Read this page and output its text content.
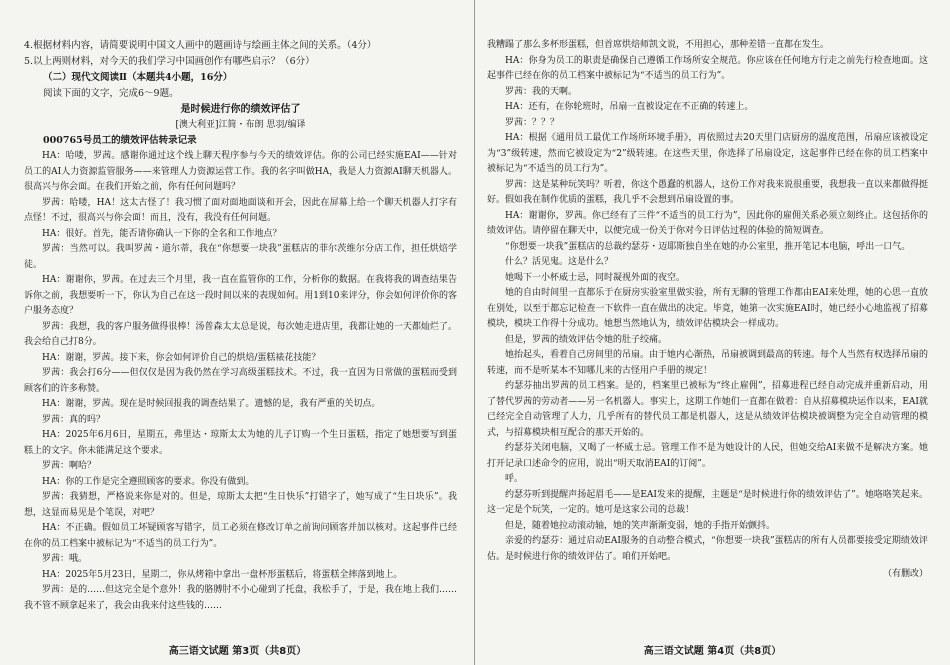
4.根据材料内容，请简要说明中国文人画中的题画诗与绘画主体之间的关系。（4分）

5.以上两则材料，对今天的我们学习中国画创作有哪些启示？（6分）

（二）现代文阅读Ⅱ（本题共4小题，16分）

阅读下面的文字，完成6～9题。

是时候进行你的绩效评估了

[澳大利亚]江简・布朗 思羽/编译

000765号员工的绩效评估转录记录

HA：哈喽，罗茜。感谢你通过这个线上聊天程序参与今天的绩效评估。你的公司已经实施EAI——针对员工的AI人力资源监管服务——来管理人力资源运营工作。我的名字叫做HA，我是人力资源AI聊天机器人。很高兴与你会面。在我们开始之前，你有任何问题吗？

罗茜：哈喽，HA！这太古怪了！我习惯了面对面地面谈和开会，因此在屏幕上给一个聊天机器人打字有点怪！不过，很高兴与你会面！而且，没有，我没有任何问题。

HA：很好。首先，能否请你确认一下你的全名和工作地点？

罗茜：当然可以。我叫罗茜・道尔蒂，我在“你想要一块我”蛋糕店的菲尔茨维尔分店工作，担任烘焙学徒。

HA：谢谢你，罗茜。在过去三个月里，我一直在监管你的工作，分析你的数据。在我将我的调查结果告诉你之前，我想要听一下，你认为自己在这一段时间以来的表现如何。用1到10来评分，你会如何评价你的客户服务态度？

罗茜：我想，我的客户服务做得很棒！汤普森太太总是说，每次她走进店里，我都让她的一天都灿烂了。我会给自己打8分。

HA：谢谢，罗茜。接下来，你会如何评价自己的烘焙/蛋糕裱花技能？

罗茜：我会打6分——但仅仅是因为我仍然在学习高级蛋糕技术。不过，我一直因为日常做的蛋糕而受到顾客们的许多称赞。

HA：谢谢，罗茜。现在是时候回报我的调查结果了。遗憾的是，我有严重的关切点。

罗茜：真的吗？

HA：2025年6月6日，星期五，弗里达・琼斯太太为她的儿子订购一个生日蛋糕，指定了她想要写到蛋糕上的文字。你未能满足这个要求。

罗茜：啊哈？

HA：你的工作是完全遵照顾客的要求。你没有做到。

罗茜：我猜想，严格说来你是对的。但是，琼斯太太把“生日快乐”打错字了，她写成了“生日块乐”。我想，这显而易见是个笔误，对吧？

HA：不正确。假如员工坏疑顾客写错字，员工必须在修改订单之前询问顾客并加以核对。这起事件已经在你的员工档案中被标记为“不适当的员工行为”。

罗茜：哦。

HA：2025年5月23日，星期二，你从烤箱中拿出一盘杯形蛋糕后，将蛋糕全摔落到地上。

罗茜：是的……但这完全是个意外！我的胳膊肘不小心碰到了托盘，我松手了，于是，我在地上我们……我不管不顾拿起来了，我会由我来付这些钱的……

高三语文试题 第3页（共8页）

我糟蹋了那么多杯形蛋糕，但首席烘焙师凯文说，不用担心，那种差错一直都在发生。

HA：你身为员工的职责是确保自己遵循工作场所安全规范。你应该在任何地方行走之前先行检查地面。这起事件已经在你的员工档案中被标记为“不适当的员工行为”。

罗茜：我的天啊。

HA：还有，在你轮班时，吊扇一直被设定在不正确的转速上。

罗茜：？？？

HA：根据《通用员工最优工作场所环境手册》，再依照过去20天里门店厨房的温度范围，吊扇应该被设定为“3”级转速，然而它被设定为“2”级转速。在这些天里，你选择了吊扇设定，这起事件已经在你的员工档案中被标记为“不适当的员工行为”。

罗茜：这是某种玩笑吗？听着，你这个愚蠢的机器人，这份工作对我来说很重要，我想我一直以来都做得挺好。假如我在制作优质的蛋糕，我几乎不会想到吊扇设置的事。

HA：谢谢你，罗茜。你已经有了三件“不适当的员工行为”，因此你的雇佣关系必须立刻终止。这包括你的绩效评估。请停留在聊天中，以便完成一份关于你对今日评估过程的体验的简短调查。

“你想要一块我”蛋糕店的总裁约瑟芬・迈耶斯独自坐在她的办公室里，推开笔记本电脑，呼出一口气。

什么？活见鬼。这是什么？

她喝下一小杯威士忌，同时凝视外面的夜空。

她的自由时间里一直都乐于在厨房实验室里做实验，所有无聊的管理工作都由EAI来处理，她的心思一直放在别处，以至于都忘记检查一下软件一直在做出的决定。毕竟，她第一次实施EAI时，她已经小心地监视了招募模块，模块工作得十分成功。她想当然地认为，绩效评估模块会一样成功。

但是，罗茜的绩效评估令她的肚子绞痛。

她抬起头，看着自己房间里的吊扇。由于她内心渐热，吊扇被调到最高的转速。每个人当然有权选择吊扇的转速，而不是听某本不知哪儿来的古怪用户手册的规定！

约瑟芬抽出罗茜的员工档案。是的，档案里已被标为“终止雇佣”，招募进程已经自动完成并重新启动，用了替代罗茜的劳动者——另一名机器人。事实上，这期工作她们一直都在做着：自从招募模块运作以来，EAI就已经完全自动管理了人力，几乎所有的替代员工都是机器人，这是从绩效评估模块被调整为完全自动管理的模式，与招募模块相互配合的那天开始的。

约瑟芬关闭电脑，又喝了一杯威士忌。管理工作不是为她设计的人民，但她交给AI来做不是解决方案。她打开记录口述命令的应用，说出“明天取消EAI的订阅”。

呼。

约瑟芬听到提醒声扬起眉毛——是EAI发来的提醒，主题是“是时候进行你的绩效评估了”。她咯咯笑起来。这一定是个玩笑，一定的。她可是这家公司的总裁！

但是，随着她拉动滚动轴，她的笑声渐渐变弱，她的手指开始颤抖。

亲爱的约瑟芬：通过启动EAI服务的自动整合模式，“你想要一块我”蛋糕店的所有人员都要接受定期绩效评估。是时候进行你的绩效评估了。咱们开始吧。

（有删改）

高三语文试题 第4页（共8页）
